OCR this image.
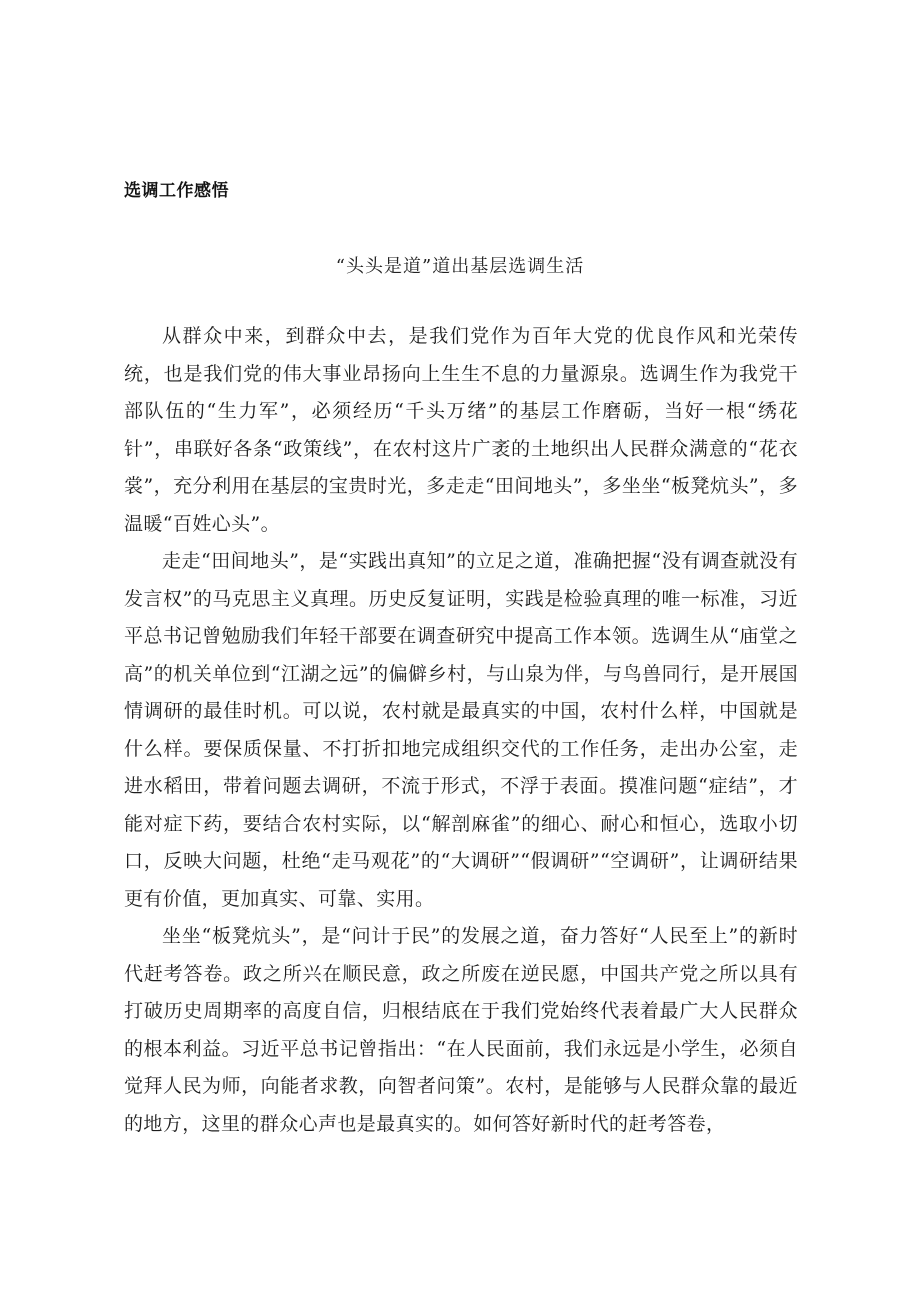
选调工作感悟
“头头是道”道出基层选调生活

从群众中来，到群众中去，是我们党作为百年大党的优良作风和光荣传统，也是我们党的伟大事业昂扬向上生生不息的力量源泉。选调生作为我党干部队伍的“生力军”，必须经历“千头万绪”的基层工作磨砺，当好一根“绣花针”，串联好各条“政策线”，在农村这片广袤的土地织出人民群众满意的“花衣裳”，充分利用在基层的宝贵时光，多走走“田间地头”，多坐坐“板凳炕头”，多温暖“百姓心头”。

走走“田间地头”，是“实践出真知”的立足之道，准确把握“没有调查就没有发言权”的马克思主义真理。历史反复证明，实践是检验真理的唯一标准，习近平总书记曾勉励我们年轻干部要在调查研究中提高工作本领。选调生从“庙堂之高”的机关单位到“江湖之远”的偏僻乡村，与山泉为伴，与鸟兽同行，是开展国情调研的最佳时机。可以说，农村就是最真实的中国，农村什么样，中国就是什么样。要保质保量、不打折扣地完成组织交代的工作任务，走出办公室，走进水稻田，带着问题去调研，不流于形式，不浮于表面。摸准问题“症结”，才能对症下药，要结合农村实际，以“解剖麻雀”的细心、耐心和恒心，选取小切口，反映大问题，杜绝“走马观花”的“大调研”“假调研”“空调研”，让调研结果更有价值，更加真实、可靠、实用。

坐坐“板凳炕头”，是“问计于民”的发展之道，奋力答好“人民至上”的新时代赶考答卷。政之所兴在顺民意，政之所废在逆民愿，中国共产党之所以具有打破历史周期率的高度自信，归根结底在于我们党始终代表着最广大人民群众的根本利益。习近平总书记曾指出：“在人民面前，我们永远是小学生，必须自觉拜人民为师，向能者求教，向智者问策”。农村，是能够与人民群众靠的最近的地方，这里的群众心声也是最真实的。如何答好新时代的赶考答卷，
